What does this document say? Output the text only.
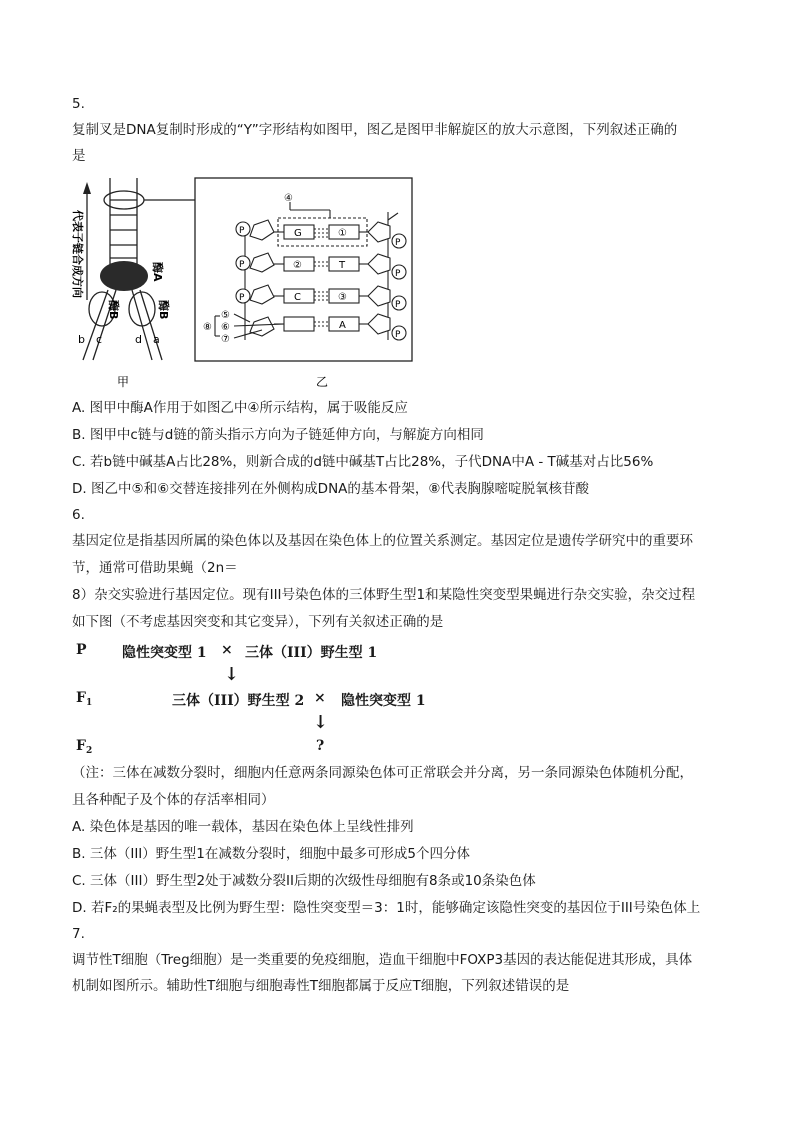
5.
复制叉是DNA复制时形成的“Y”字形结构如图甲，图乙是图甲非解旋区的放大示意图，下列叙述正确的
是
代表子链合成方向	酶A
酶B	酶B
b c	d a
甲
P
P
P
P
P
P
P
G	①
②	T
C	③
A
④
⑤
⑥
⑦
⑧
乙
A. 图甲中酶A作用于如图乙中④所示结构，属于吸能反应
B. 图甲中c链与d链的箭头指示方向为子链延伸方向，与解旋方向相同
C. 若b链中碱基A占比28%，则新合成的d链中碱基T占比28%，子代DNA中A - T碱基对占比56%
D. 图乙中⑤和⑥交替连接排列在外侧构成DNA的基本骨架，⑧代表胸腺嘧啶脱氧核苷酸
6.
基因定位是指基因所属的染色体以及基因在染色体上的位置关系测定。基因定位是遗传学研究中的重要环
节，通常可借助果蝇（2n＝
8）杂交实验进行基因定位。现有III号染色体的三体野生型1和某隐性突变型果蝇进行杂交实验，杂交过程
如下图（不考虑基因突变和其它变异），下列有关叙述正确的是
P	隐性突变型 1 × 三体（III）野生型 1
↓
$F_1$	三体（III）野生型 2 × 隐性突变型 1
↓
$F_2$	?
（注：三体在减数分裂时，细胞内任意两条同源染色体可正常联会并分离，另一条同源染色体随机分配，
且各种配子及个体的存活率相同）
A. 染色体是基因的唯一载体，基因在染色体上呈线性排列
B. 三体（III）野生型1在减数分裂时，细胞中最多可形成5个四分体
C. 三体（III）野生型2处于减数分裂II后期的次级性母细胞有8条或10条染色体
D. 若F₂的果蝇表型及比例为野生型：隐性突变型＝3：1时，能够确定该隐性突变的基因位于III号染色体上
7.
调节性T细胞（Treg细胞）是一类重要的免疫细胞，造血干细胞中FOXP3基因的表达能促进其形成，具体
机制如图所示。辅助性T细胞与细胞毒性T细胞都属于反应T细胞，下列叙述错误的是
